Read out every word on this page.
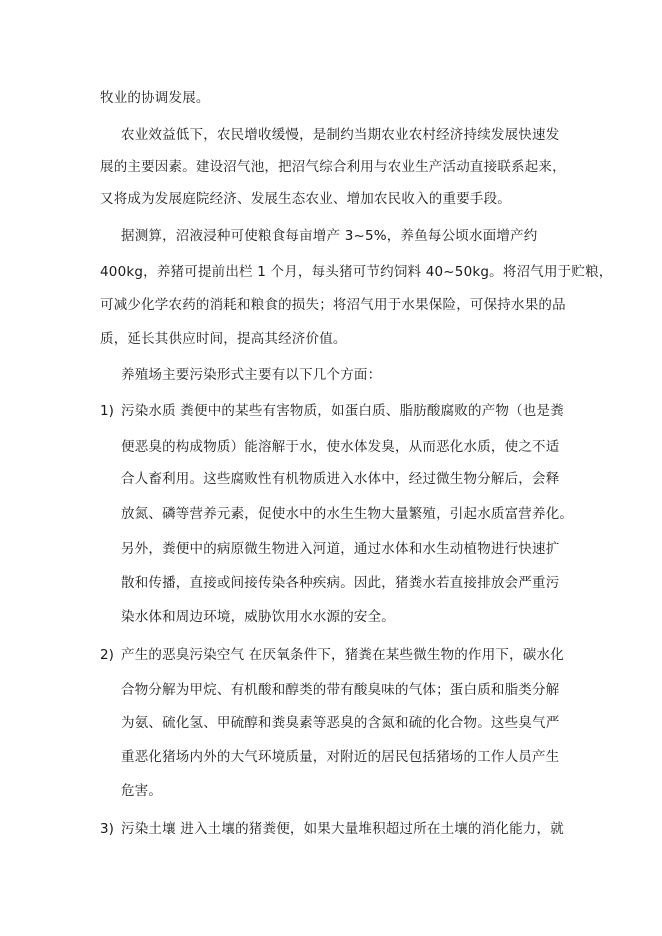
牧业的协调发展。
农业效益低下，农民增收缓慢，是制约当期农业农村经济持续发展快速发
展的主要因素。建设沼气池，把沼气综合利用与农业生产活动直接联系起来，
又将成为发展庭院经济、发展生态农业、增加农民收入的重要手段。
据测算，沼液浸种可使粮食每亩增产 3~5%，养鱼每公顷水面增产约
400kg，养猪可提前出栏 1 个月，每头猪可节约饲料 40~50kg。将沼气用于贮粮，
可减少化学农药的消耗和粮食的损失；将沼气用于水果保险，可保持水果的品
质，延长其供应时间，提高其经济价值。
养殖场主要污染形式主要有以下几个方面：
1) 污染水质 粪便中的某些有害物质，如蛋白质、脂肪酸腐败的产物（也是粪
便恶臭的构成物质）能溶解于水，使水体发臭，从而恶化水质，使之不适
合人畜利用。这些腐败性有机物质进入水体中，经过微生物分解后，会释
放氮、磷等营养元素，促使水中的水生生物大量繁殖，引起水质富营养化。
另外，粪便中的病原微生物进入河道，通过水体和水生动植物进行快速扩
散和传播，直接或间接传染各种疾病。因此，猪粪水若直接排放会严重污
染水体和周边环境，威胁饮用水水源的安全。
2) 产生的恶臭污染空气 在厌氧条件下，猪粪在某些微生物的作用下，碳水化
合物分解为甲烷、有机酸和醇类的带有酸臭味的气体；蛋白质和脂类分解
为氨、硫化氢、甲硫醇和粪臭素等恶臭的含氮和硫的化合物。这些臭气严
重恶化猪场内外的大气环境质量，对附近的居民包括猪场的工作人员产生
危害。
3) 污染土壤 进入土壤的猪粪便，如果大量堆积超过所在土壤的消化能力，就
